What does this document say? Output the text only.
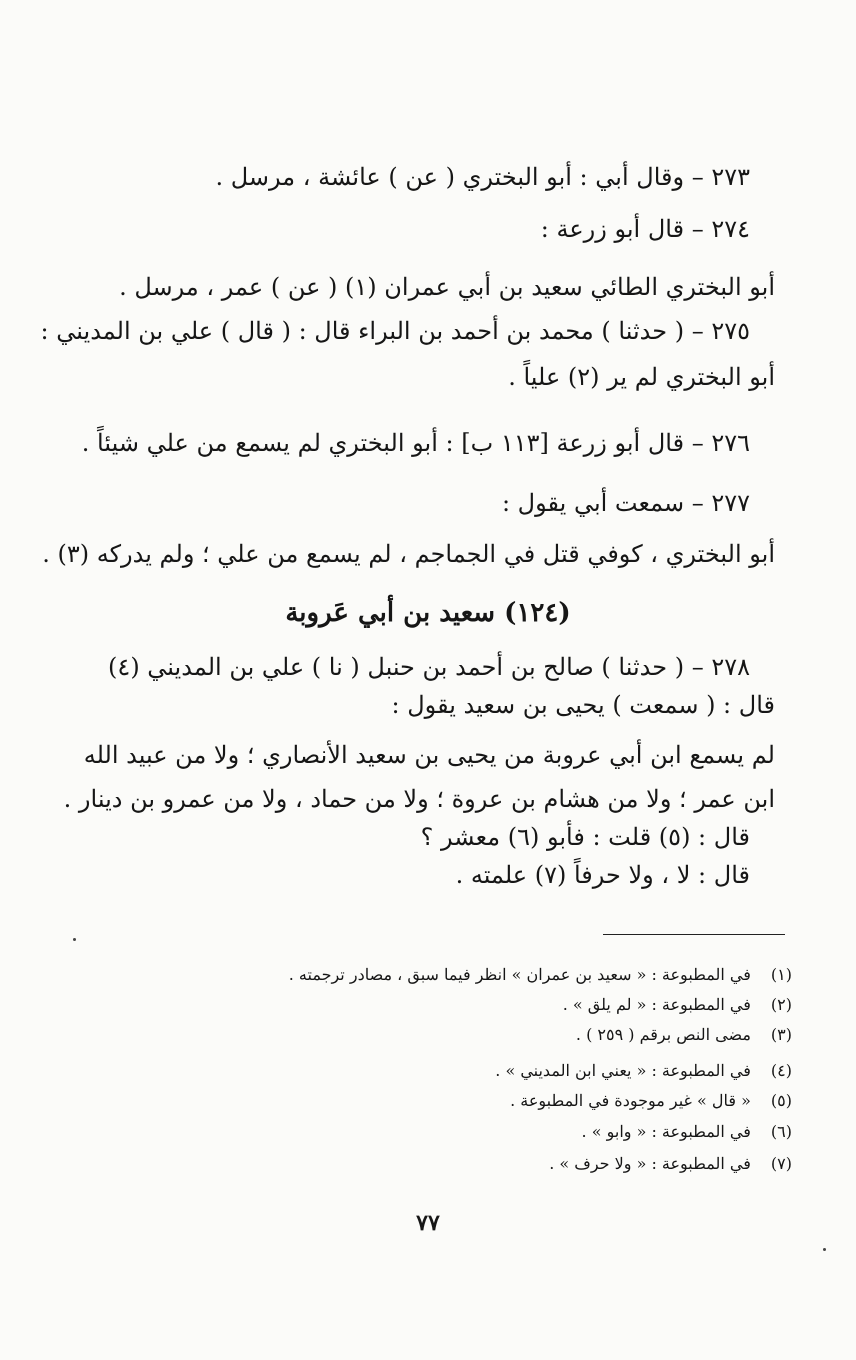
٢٧٣ – وقال أبي : أبو البختري ( عن ) عائشة ، مرسل .
٢٧٤ – قال أبو زرعة :
أبو البختري الطائي سعيد بن أبي عمران (١) ( عن ) عمر ، مرسل .
٢٧٥ – ( حدثنا ) محمد بن أحمد بن البراء قال : ( قال ) علي بن المديني :
أبو البختري لم ير (٢) علياً .
٢٧٦ – قال أبو زرعة [١١٣ ب] : أبو البختري لم يسمع من علي شيئاً .
٢٧٧ – سمعت أبي يقول :
أبو البختري ، كوفي قتل في الجماجم ، لم يسمع من علي ؛ ولم يدركه (٣) .
(١٢٤) سعيد بن أبي عَروبة
٢٧٨ – ( حدثنا ) صالح بن أحمد بن حنبل ( نا ) علي بن المديني (٤)
قال : ( سمعت ) يحيى بن سعيد يقول :
لم يسمع ابن أبي عروبة من يحيى بن سعيد الأنصاري ؛ ولا من عبيد الله
ابن عمر ؛ ولا من هشام بن عروة ؛ ولا من حماد ، ولا من عمرو بن دينار .
قال : (٥) قلت : فأبو (٦) معشر ؟
قال : لا ، ولا حرفاً (٧) علمته .
(١) في المطبوعة : « سعيد بن عمران » انظر فيما سبق ، مصادر ترجمته .
(٢) في المطبوعة : « لم يلق » .
(٣) مضى النص برقم ( ٢٥٩ ) .
(٤) في المطبوعة : « يعني ابن المديني » .
(٥) « قال » غير موجودة في المطبوعة .
(٦) في المطبوعة : « وابو » .
(٧) في المطبوعة : « ولا حرف » .
٧٧
